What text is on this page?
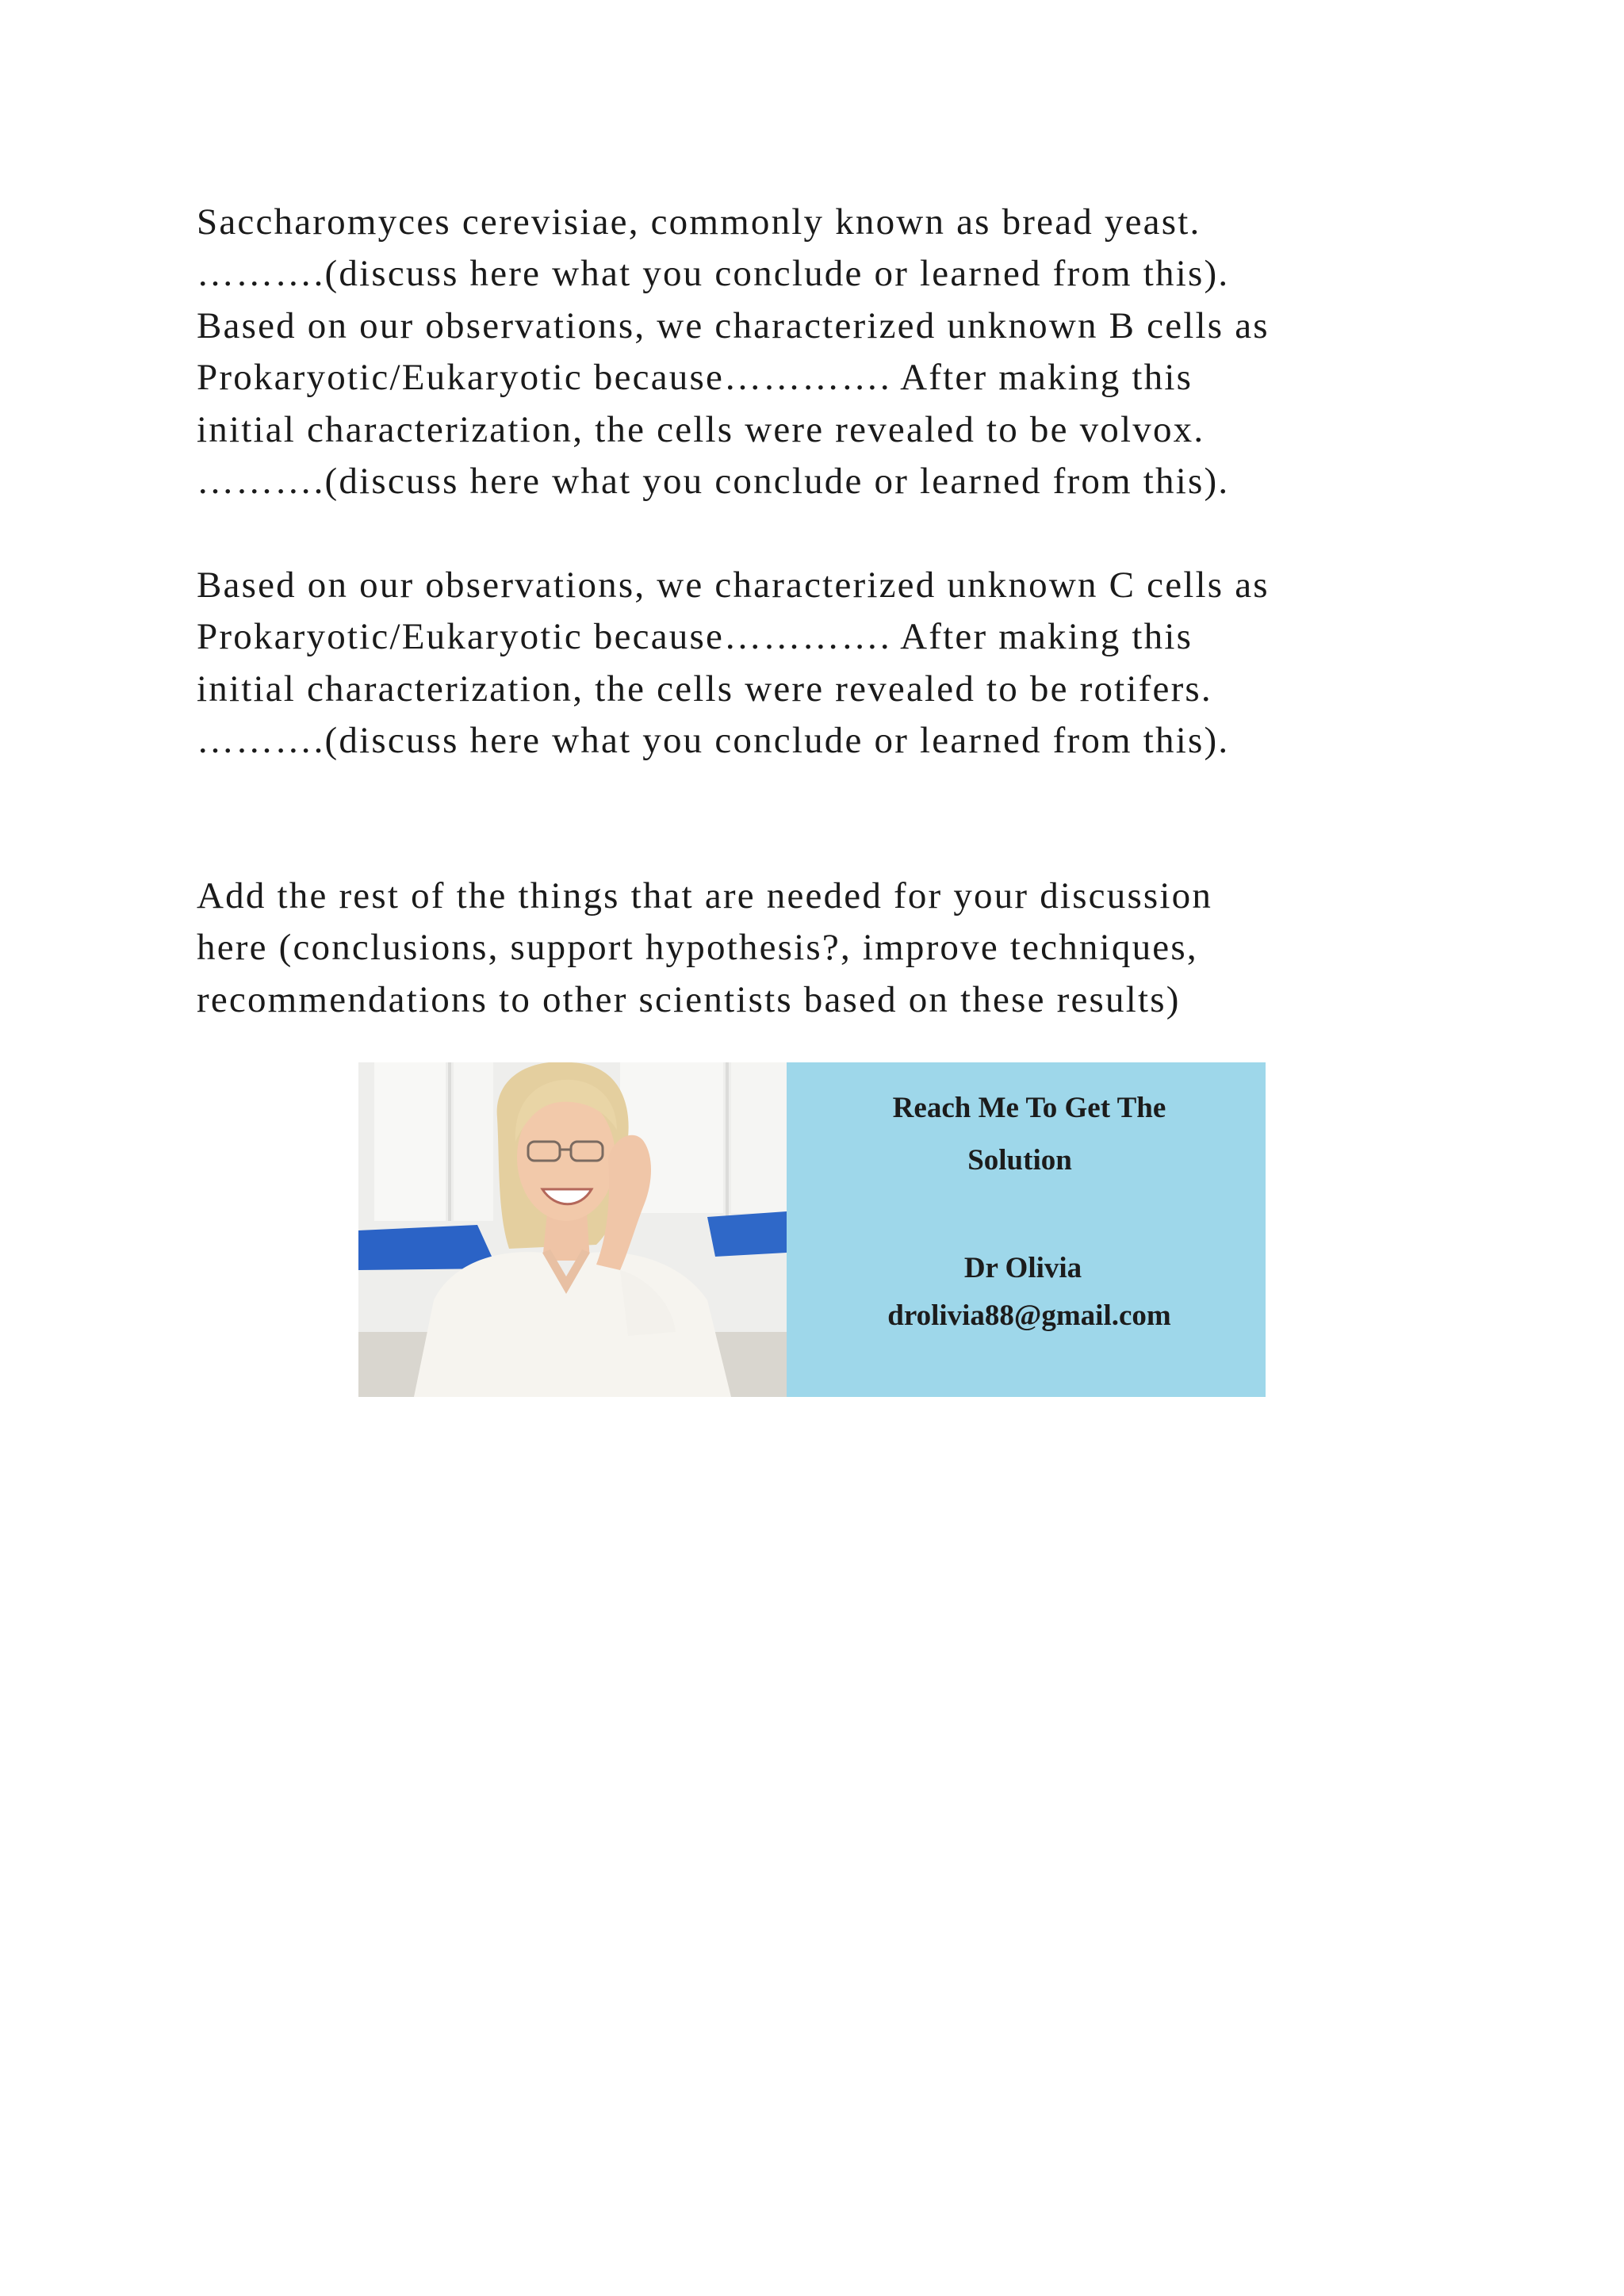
Saccharomyces cerevisiae, commonly known as bread yeast.
……….(discuss here what you conclude or learned from this).
Based on our observations, we characterized unknown B cells as
Prokaryotic/Eukaryotic because…………. After making this
initial characterization, the cells were revealed to be volvox.
……….(discuss here what you conclude or learned from this).

Based on our observations, we characterized unknown C cells as
Prokaryotic/Eukaryotic because…………. After making this
initial characterization, the cells were revealed to be rotifers.
……….(discuss here what you conclude or learned from this).

Add the rest of the things that are needed for your discussion
here (conclusions, support hypothesis?, improve techniques,
recommendations to other scientists based on these results)

Reach Me To Get The
Solution
Dr Olivia
drolivia88@gmail.com
